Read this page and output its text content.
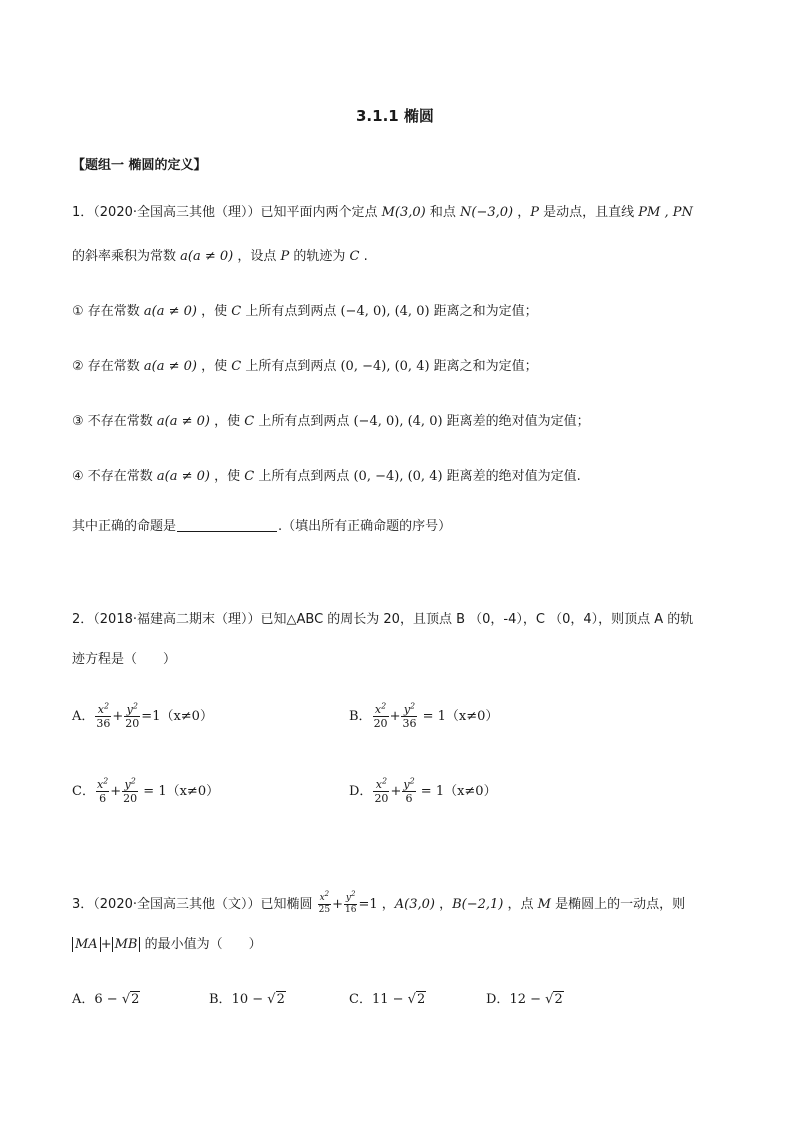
3.1.1 椭圆
【题组一 椭圆的定义】
1．（2020·全国高三其他（理））已知平面内两个定点 M(3,0) 和点 N(−3,0) ，P 是动点，且直线 PM , PN
的斜率乘积为常数 a(a ≠ 0) ，设点 P 的轨迹为 C .
① 存在常数 a(a ≠ 0) ，使 C 上所有点到两点 (−4, 0), (4, 0) 距离之和为定值；
② 存在常数 a(a ≠ 0) ，使 C 上所有点到两点 (0, −4), (0, 4) 距离之和为定值；
③ 不存在常数 a(a ≠ 0) ，使 C 上所有点到两点 (−4, 0), (4, 0) 距离差的绝对值为定值；
④ 不存在常数 a(a ≠ 0) ，使 C 上所有点到两点 (0, −4), (0, 4) 距离差的绝对值为定值.
其中正确的命题是	.（填出所有正确命题的序号）
2．（2018·福建高二期末（理））已知△ABC 的周长为 20，且顶点 B （0，-4），C （0，4），则顶点 A 的轨
迹方程是（　　）
A． $\frac{x^2}{36} + \frac{y^2}{20} =1(x\ne 0)$	B． $\frac{x^2}{20} + \frac{y^2}{36} = 1(x\ne 0)$
C． $\frac{x^2}{6} + \frac{y^2}{20} = 1(x\ne 0)$	D． $\frac{x^2}{20} + \frac{y^2}{6} = 1(x\ne 0)$
3．（2020·全国高三其他（文））已知椭圆 $\frac{x^2}{25} + \frac{y^2}{16} =1$ ，A(3,0) ，B(−2,1) ，点 M 是椭圆上的一动点，则
MA + MB 的最小值为（　　）
A．6 − √2	B．10 − √2	C．11 − √2	D．12 − √2
